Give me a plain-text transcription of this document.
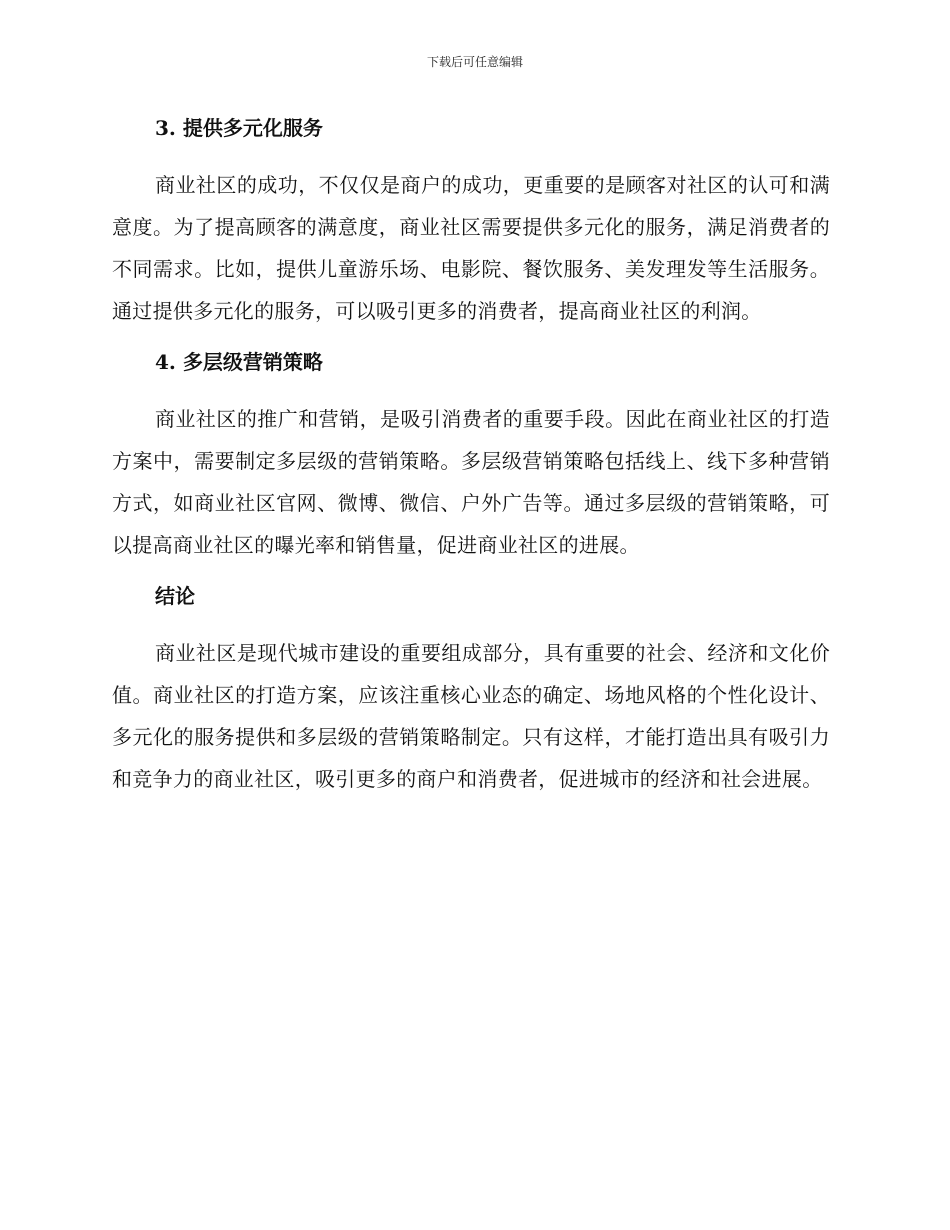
下载后可任意编辑
3. 提供多元化服务

商业社区的成功，不仅仅是商户的成功，更重要的是顾客对社区的认可和满意度。为了提高顾客的满意度，商业社区需要提供多元化的服务，满足消费者的不同需求。比如，提供儿童游乐场、电影院、餐饮服务、美发理发等生活服务。通过提供多元化的服务，可以吸引更多的消费者，提高商业社区的利润。

4. 多层级营销策略

商业社区的推广和营销，是吸引消费者的重要手段。因此在商业社区的打造方案中，需要制定多层级的营销策略。多层级营销策略包括线上、线下多种营销方式，如商业社区官网、微博、微信、户外广告等。通过多层级的营销策略，可以提高商业社区的曝光率和销售量，促进商业社区的进展。

结论

商业社区是现代城市建设的重要组成部分，具有重要的社会、经济和文化价值。商业社区的打造方案，应该注重核心业态的确定、场地风格的个性化设计、多元化的服务提供和多层级的营销策略制定。只有这样，才能打造出具有吸引力和竞争力的商业社区，吸引更多的商户和消费者，促进城市的经济和社会进展。
